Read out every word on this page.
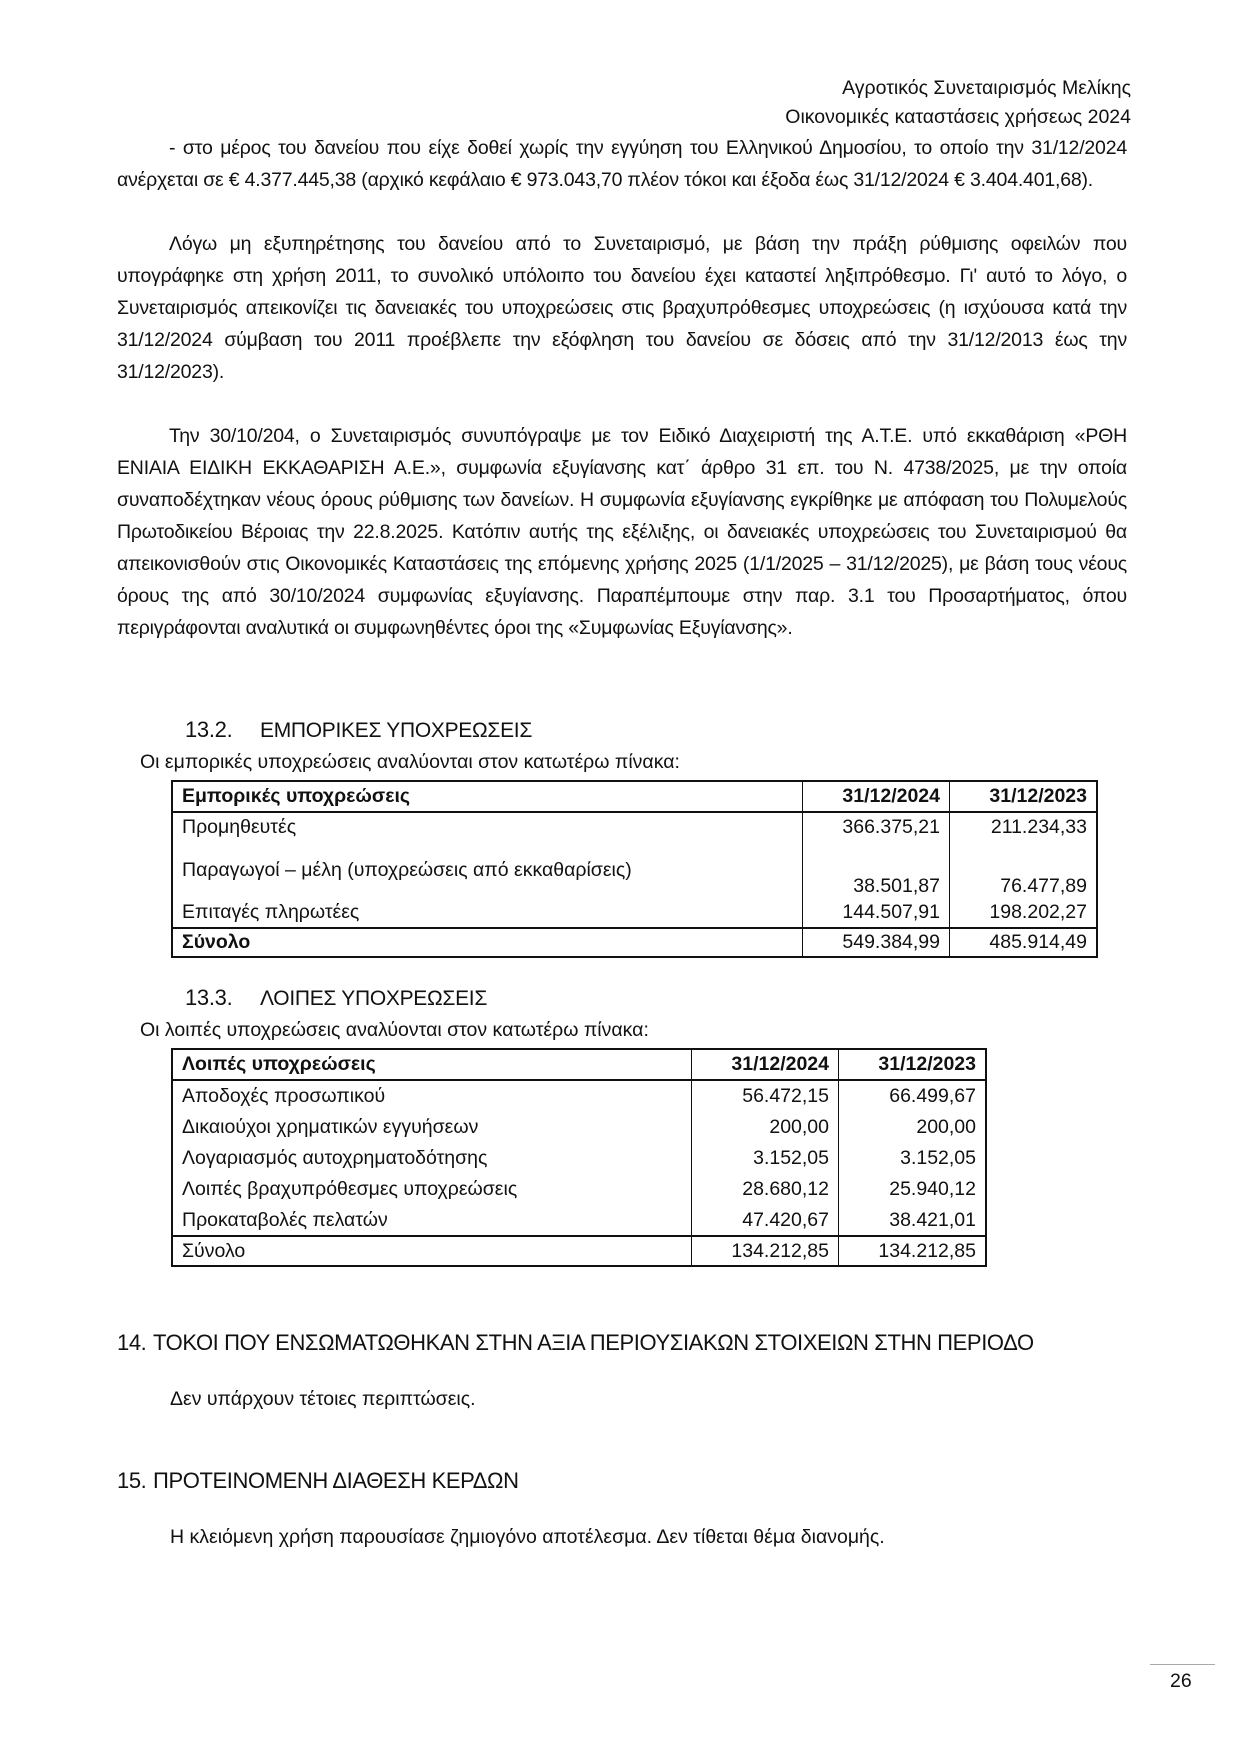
Αγροτικός Συνεταιρισμός Μελίκης
Οικονομικές καταστάσεις χρήσεως 2024
- στο μέρος του δανείου που είχε δοθεί χωρίς την εγγύηση του Ελληνικού Δημοσίου, το οποίο την 31/12/2024 ανέρχεται σε € 4.377.445,38 (αρχικό κεφάλαιο € 973.043,70 πλέον τόκοι και έξοδα έως 31/12/2024 € 3.404.401,68).
Λόγω μη εξυπηρέτησης του δανείου από το Συνεταιρισμό, με βάση την πράξη ρύθμισης οφειλών που υπογράφηκε στη χρήση 2011, το συνολικό υπόλοιπο του δανείου έχει καταστεί ληξιπρόθεσμο. Γι' αυτό το λόγο, ο Συνεταιρισμός απεικονίζει τις δανειακές του υποχρεώσεις στις βραχυπρόθεσμες υποχρεώσεις (η ισχύουσα κατά την 31/12/2024 σύμβαση του 2011 προέβλεπε την εξόφληση του δανείου σε δόσεις από την 31/12/2013 έως την 31/12/2023).
Την 30/10/204, ο Συνεταιρισμός συνυπόγραψε με τον Ειδικό Διαχειριστή της Α.Τ.Ε. υπό εκκαθάριση «ΡΘΗ ΕΝΙΑΙΑ ΕΙΔΙΚΗ ΕΚΚΑΘΑΡΙΣΗ Α.Ε.», συμφωνία εξυγίανσης κατ΄ άρθρο 31 επ. του Ν. 4738/2025, με την οποία συναποδέχτηκαν νέους όρους ρύθμισης των δανείων. Η συμφωνία εξυγίανσης εγκρίθηκε με απόφαση του Πολυμελούς Πρωτοδικείου Βέροιας την 22.8.2025. Κατόπιν αυτής της εξέλιξης, οι δανειακές υποχρεώσεις του Συνεταιρισμού θα απεικονισθούν στις Οικονομικές Καταστάσεις της επόμενης χρήσης 2025 (1/1/2025 – 31/12/2025), με βάση τους νέους όρους της από 30/10/2024 συμφωνίας εξυγίανσης. Παραπέμπουμε στην παρ. 3.1 του Προσαρτήματος, όπου περιγράφονται αναλυτικά οι συμφωνηθέντες όροι της «Συμφωνίας Εξυγίανσης».
13.2. ΕΜΠΟΡΙΚΕΣ ΥΠΟΧΡΕΩΣΕΙΣ
Οι εμπορικές υποχρεώσεις αναλύονται στον κατωτέρω πίνακα:
Εμπορικές υποχρεώσεις	31/12/2024	31/12/2023
Προμηθευτές	366.375,21	211.234,33
Παραγωγοί – μέλη (υποχρεώσεις από εκκαθαρίσεις)	38.501,87	76.477,89
Επιταγές πληρωτέες	144.507,91	198.202,27
Σύνολο	549.384,99	485.914,49
13.3. ΛΟΙΠΕΣ ΥΠΟΧΡΕΩΣΕΙΣ
Οι λοιπές υποχρεώσεις αναλύονται στον κατωτέρω πίνακα:
Λοιπές υποχρεώσεις	31/12/2024	31/12/2023
Αποδοχές προσωπικού	56.472,15	66.499,67
Δικαιούχοι χρηματικών εγγυήσεων	200,00	200,00
Λογαριασμός αυτοχρηματοδότησης	3.152,05	3.152,05
Λοιπές βραχυπρόθεσμες υποχρεώσεις	28.680,12	25.940,12
Προκαταβολές πελατών	47.420,67	38.421,01
Σύνολο	134.212,85	134.212,85
14. ΤΟΚΟΙ ΠΟΥ ΕΝΣΩΜΑΤΩΘΗΚΑΝ ΣΤΗΝ ΑΞΙΑ ΠΕΡΙΟΥΣΙΑΚΩΝ ΣΤΟΙΧΕΙΩΝ ΣΤΗΝ ΠΕΡΙΟΔΟ
Δεν υπάρχουν τέτοιες περιπτώσεις.
15. ΠΡΟΤΕΙΝΟΜΕΝΗ ΔΙΑΘΕΣΗ ΚΕΡΔΩΝ
Η κλειόμενη χρήση παρουσίασε ζημιογόνο αποτέλεσμα. Δεν τίθεται θέμα διανομής.
26
